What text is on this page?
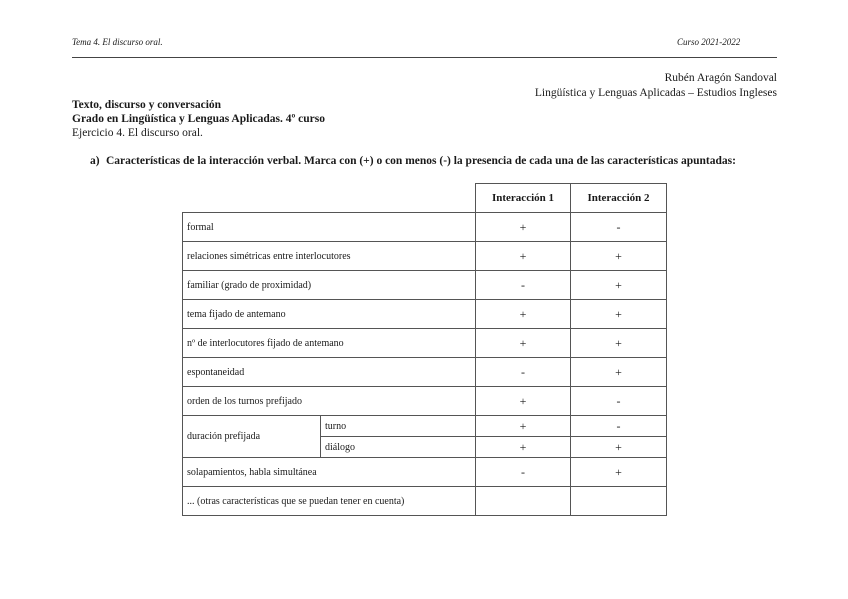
Tema 4. El discurso oral.	Curso 2021-2022
Rubén Aragón Sandoval
Lingüística y Lenguas Aplicadas – Estudios Ingleses
Texto, discurso y conversación
Grado en Lingüística y Lenguas Aplicadas. 4º curso
Ejercicio 4. El discurso oral.
a) Características de la interacción verbal. Marca con (+) o con menos (-) la presencia de cada una de las características apuntadas:
		Interacción 1	Interacción 2
formal		+	-
relaciones simétricas entre interlocutores		+	+
familiar (grado de proximidad)		-	+
tema fijado de antemano		+	+
nº de interlocutores fijado de antemano		+	+
espontaneidad		-	+
orden de los turnos prefijado		+	-
duración prefijada	turno	+	-
	diálogo	+	+
solapamientos, habla simultánea		-	+
... (otras características que se puedan tener en cuenta)			
